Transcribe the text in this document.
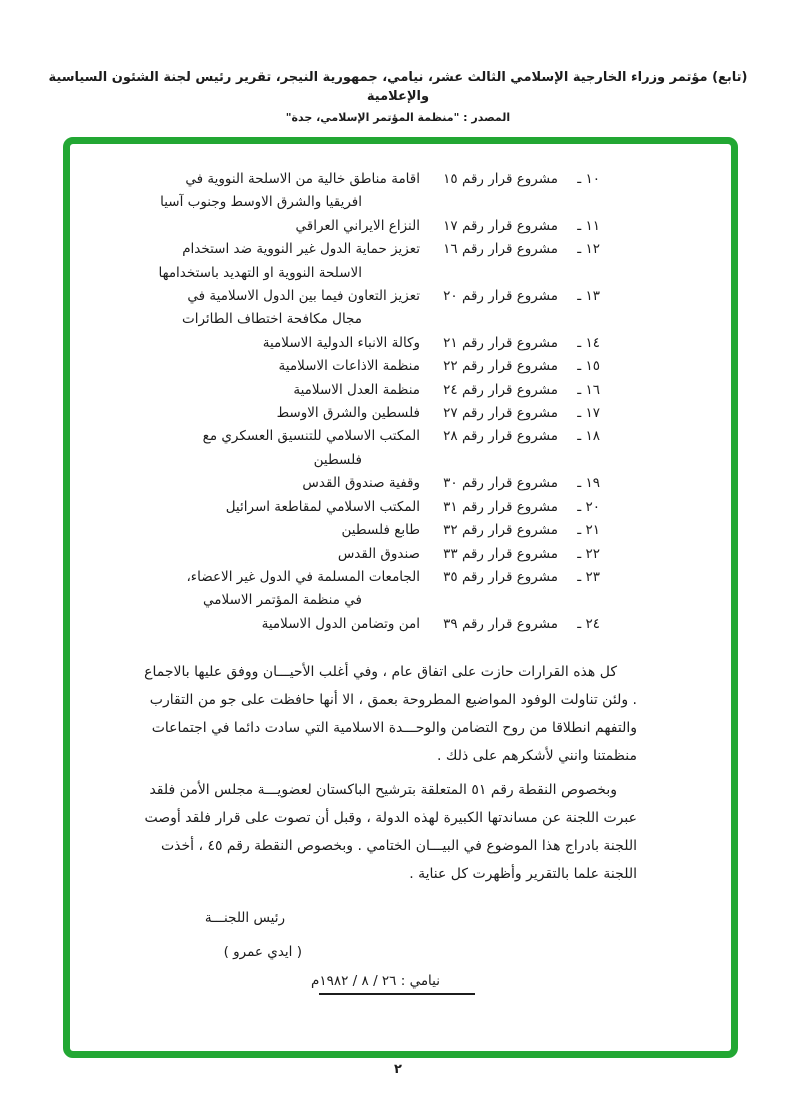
(تابع) مؤتمر وزراء الخارجية الإسلامي الثالث عشر، نيامي، جمهورية النيجر، تقرير رئيس لجنة الشئون السياسية والإعلامية
المصدر : "منظمة المؤتمر الإسلامي، جدة"
١٠ ـ
مشروع قرار رقم ١٥
اقامة مناطق خالية من الاسلحة النووية في
افريقيا والشرق الاوسط وجنوب آسيا
١١ ـ
مشروع قرار رقم ١٧
النزاع الايراني العراقي
١٢ ـ
مشروع قرار رقم ١٦
تعزيز حماية الدول غير النووية ضد استخدام
الاسلحة النووية او التهديد باستخدامها
١٣ ـ
مشروع قرار رقم ٢٠
تعزيز التعاون فيما بين الدول الاسلامية في
مجال مكافحة اختطاف الطائرات
١٤ ـ
مشروع قرار رقم ٢١
وكالة الانباء الدولية الاسلامية
١٥ ـ
مشروع قرار رقم ٢٢
منظمة الاذاعات الاسلامية
١٦ ـ
مشروع قرار رقم ٢٤
منظمة العدل الاسلامية
١٧ ـ
مشروع قرار رقم ٢٧
فلسطين والشرق الاوسط
١٨ ـ
مشروع قرار رقم ٢٨
المكتب الاسلامي للتنسيق العسكري مع
فلسطين
١٩ ـ
مشروع قرار رقم ٣٠
وقفية صندوق القدس
٢٠ ـ
مشروع قرار رقم ٣١
المكتب الاسلامي لمقاطعة اسرائيل
٢١ ـ
مشروع قرار رقم ٣٢
طابع فلسطين
٢٢ ـ
مشروع قرار رقم ٣٣
صندوق القدس
٢٣ ـ
مشروع قرار رقم ٣٥
الجامعات المسلمة في الدول غير الاعضاء،
في منظمة المؤتمر الاسلامي
٢٤ ـ
مشروع قرار رقم ٣٩
امن وتضامن الدول الاسلامية

كل هذه القرارات حازت على اتفاق عام ، وفي أغلب الأحيـــان ووفق عليها بالاجماع . ولئن تناولت الوفود المواضيع المطروحة بعمق ، الا أنها حافظت على جو من التقارب والتفهم انطلاقا من روح التضامن والوحـــدة الاسلامية التي سادت دائما في اجتماعات منظمتنا وانني لأشكرهم على ذلك .

وبخصوص النقطة رقم ٥١ المتعلقة بترشيح الباكستان لعضويـــة مجلس الأمن فلقد عبرت اللجنة عن مساندتها الكبيرة لهذه الدولة ، وقبل أن تصوت على قرار فلقد أوصت اللجنة بادراج هذا الموضوع في البيـــان الختامي . وبخصوص النقطة رقم ٤٥ ، أخذت اللجنة علما بالتقرير وأظهرت كل عناية .

رئيس اللجنـــة
( ايدي عمرو )
نيامي : ٢٦ / ٨ / ١٩٨٢م
٢
